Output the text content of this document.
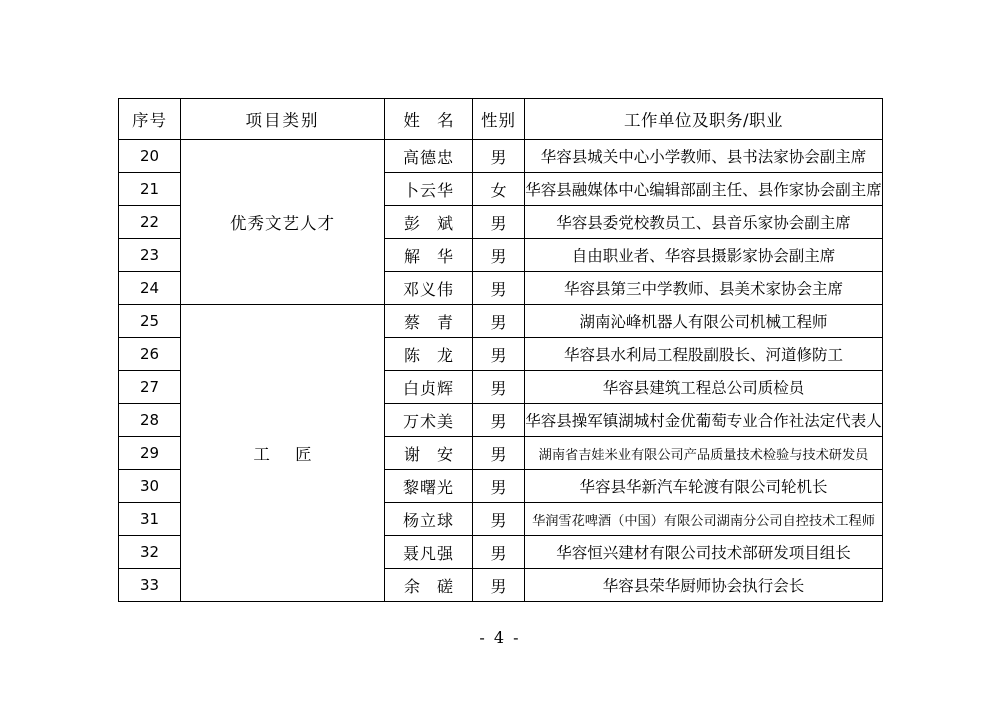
序号	项目类别	姓 名	性别	工作单位及职务/职业
20	优秀文艺人才	高德忠	男	华容县城关中心小学教师、县书法家协会副主席
21		卜云华	女	华容县融媒体中心编辑部副主任、县作家协会副主席
22		彭 斌	男	华容县委党校教员工、县音乐家协会副主席
23		解 华	男	自由职业者、华容县摄影家协会副主席
24		邓义伟	男	华容县第三中学教师、县美术家协会主席
25	工 匠	蔡 青	男	湖南沁峰机器人有限公司机械工程师
26		陈 龙	男	华容县水利局工程股副股长、河道修防工
27		白贞辉	男	华容县建筑工程总公司质检员
28		万术美	男	华容县操军镇湖城村金优葡萄专业合作社法定代表人
29		谢 安	男	湖南省吉娃米业有限公司产品质量技术检验与技术研发员
30		黎曙光	男	华容县华新汽车轮渡有限公司轮机长
31		杨立球	男	华润雪花啤酒（中国）有限公司湖南分公司自控技术工程师
32		聂凡强	男	华容恒兴建材有限公司技术部研发项目组长
33		余 磋	男	华容县荣华厨师协会执行会长
- 4 -
